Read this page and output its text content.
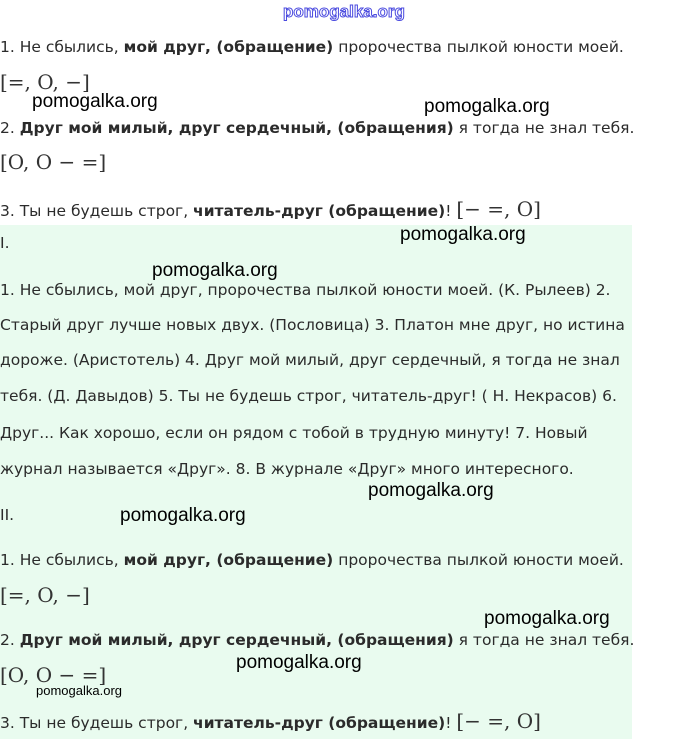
pomogalka.org
1. Не сбылись, мой друг, (обращение) пророчества пылкой юности моей.
[=, O, −]
2. Друг мой милый, друг сердечный, (обращения) я тогда не знал тебя.
[O, O − =]
3. Ты не будешь строг, читатель-друг (обращение)! [− =, O]
I.
1. Не сбылись, мой друг, пророчества пылкой юности моей. (К. Рылеев) 2.
Старый друг лучше новых двух. (Пословица) 3. Платон мне друг, но истина
дороже. (Аристотель) 4. Друг мой милый, друг сердечный, я тогда не знал
тебя. (Д. Давыдов) 5. Ты не будешь строг, читатель-друг! ( Н. Некрасов) 6.
Друг... Как хорошо, если он рядом с тобой в трудную минуту! 7. Новый
журнал называется «Друг». 8. В журнале «Друг» много интересного.
II.
1. Не сбылись, мой друг, (обращение) пророчества пылкой юности моей.
[=, O, −]
2. Друг мой милый, друг сердечный, (обращения) я тогда не знал тебя.
[O, O − =]
3. Ты не будешь строг, читатель-друг (обращение)! [− =, O]
pomogalka.org	pomogalka.org
pomogalka.org
pomogalka.org
pomogalka.org
pomogalka.org
pomogalka.org
pomogalka.org
pomogalka.org
